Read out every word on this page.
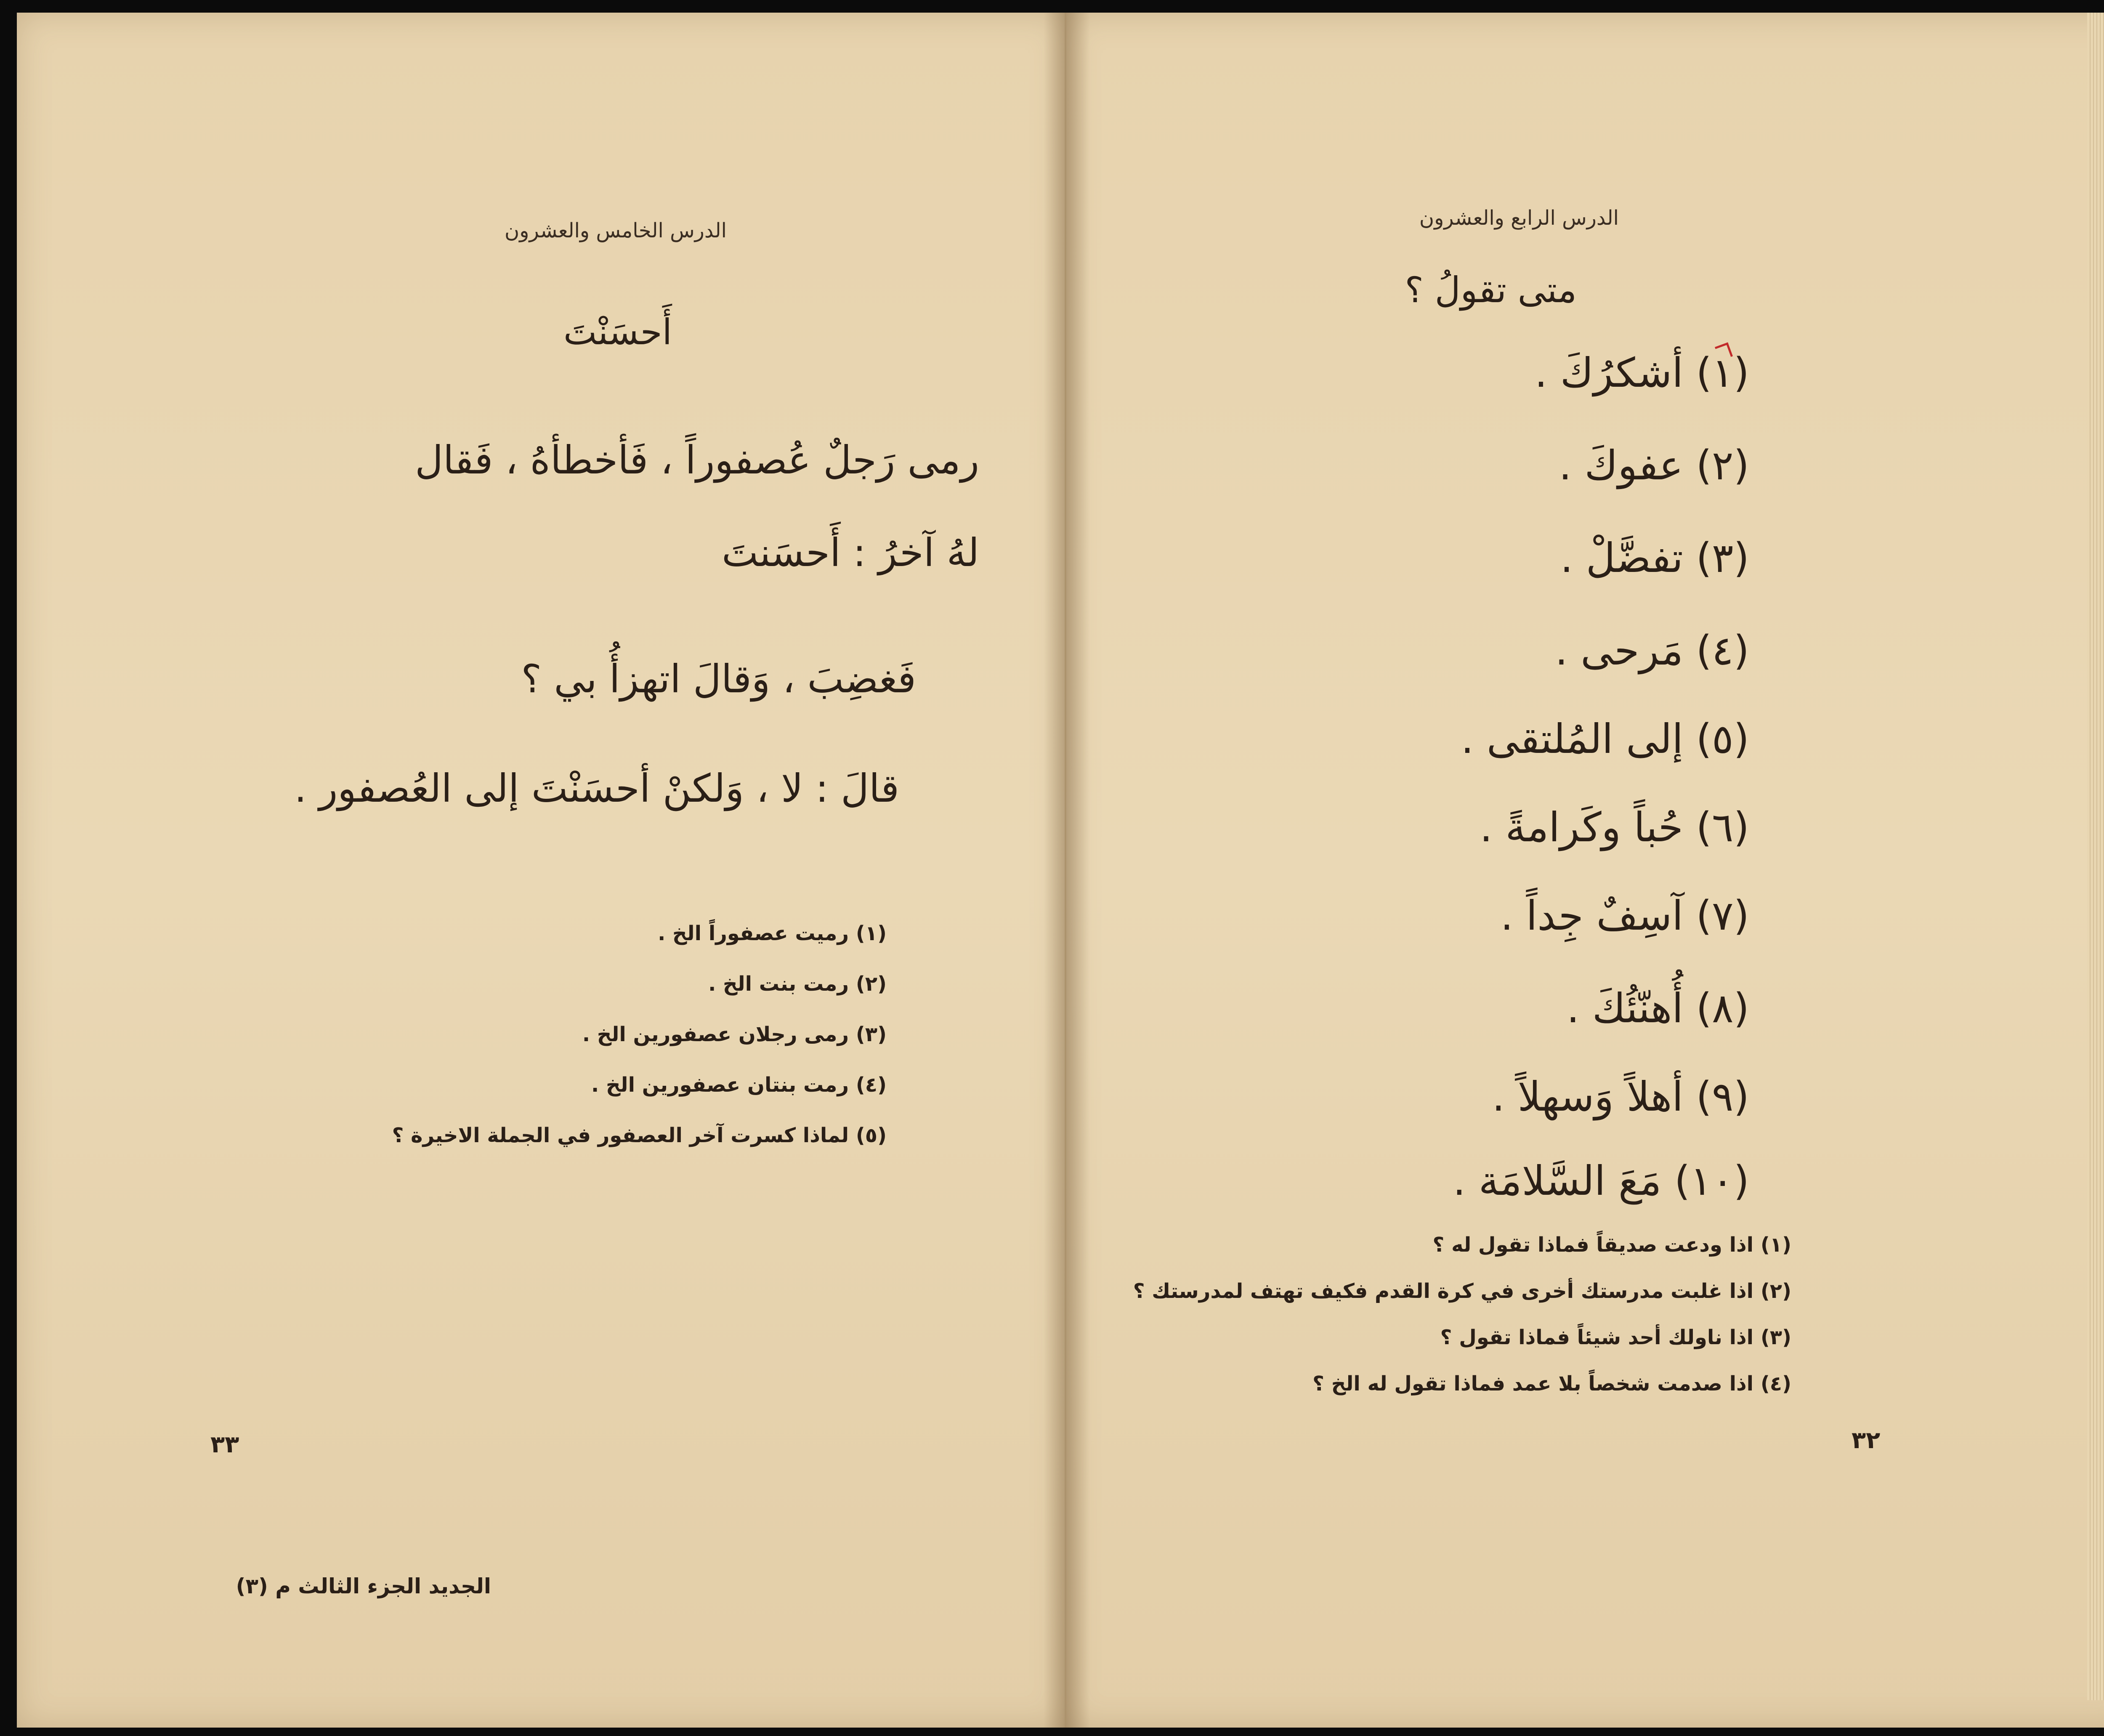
الدرس الخامس والعشرون
أَحسَنْتَ
رمى رَجلٌ عُصفوراً ، فَأخطأهُ ، فَقال
لهُ آخرُ : أَحسَنتَ
فَغضِبَ ، وَقالَ اتهزأُ بي ؟
قالَ : لا ، وَلكنْ أحسَنْتَ إلى العُصفور .
(١) رميت عصفوراً الخ .
(٢) رمت بنت الخ .
(٣) رمى رجلان عصفورين الخ .
(٤) رمت بنتان عصفورين الخ .
(٥) لماذا كسرت آخر العصفور في الجملة الاخيرة ؟
٣٣
الجديد الجزء الثالث م (٣)
الدرس الرابع والعشرون
متى تقولُ ؟
(١) أشكرُكَ .
(٢) عفوكَ .
(٣) تفضَّلْ .
(٤) مَرحى .
(٥) إلى المُلتقى .
(٦) حُباً وكَرامةً .
(٧) آسِفٌ جِداً .
(٨) أُهنّئُكَ .
(٩) أهلاً وَسهلاً .
(١٠) مَعَ السَّلامَة .
(١) اذا ودعت صديقاً فماذا تقول له ؟
(٢) اذا غلبت مدرستك أخرى في كرة القدم فكيف تهتف لمدرستك ؟
(٣) اذا ناولك أحد شيئاً فماذا تقول ؟
(٤) اذا صدمت شخصاً بلا عمد فماذا تقول له الخ ؟
٣٢
